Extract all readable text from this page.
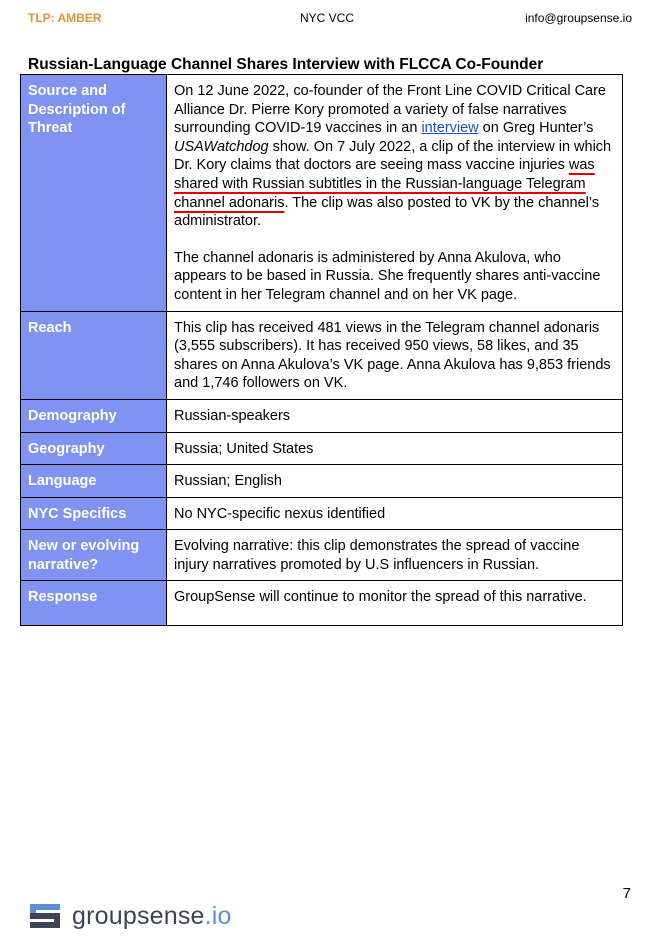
TLP: AMBER	NYC VCC	info@groupsense.io
Russian-Language Channel Shares Interview with FLCCA Co-Founder
Source and Description of Threat	On 12 June 2022, co-founder of the Front Line COVID Critical Care Alliance Dr. Pierre Kory promoted a variety of false narratives surrounding COVID-19 vaccines in an interview on Greg Hunter’s USAWatchdog show. On 7 July 2022, a clip of the interview in which Dr. Kory claims that doctors are seeing mass vaccine injuries was shared with Russian subtitles in the Russian-language Telegram channel adonaris. The clip was also posted to VK by the channel’s administrator.
The channel adonaris is administered by Anna Akulova, who appears to be based in Russia. She frequently shares anti-vaccine content in her Telegram channel and on her VK page.

Reach	This clip has received 481 views in the Telegram channel adonaris (3,555 subscribers). It has received 950 views, 58 likes, and 35 shares on Anna Akulova’s VK page. Anna Akulova has 9,853 friends and 1,746 followers on VK.
Demography	Russian-speakers
Geography	Russia; United States
Language	Russian; English
NYC Specifics	No NYC-specific nexus identified
New or evolving narrative?	Evolving narrative: this clip demonstrates the spread of vaccine injury narratives promoted by U.S influencers in Russian.
Response	GroupSense will continue to monitor the spread of this narrative.
7
groupsense.io
